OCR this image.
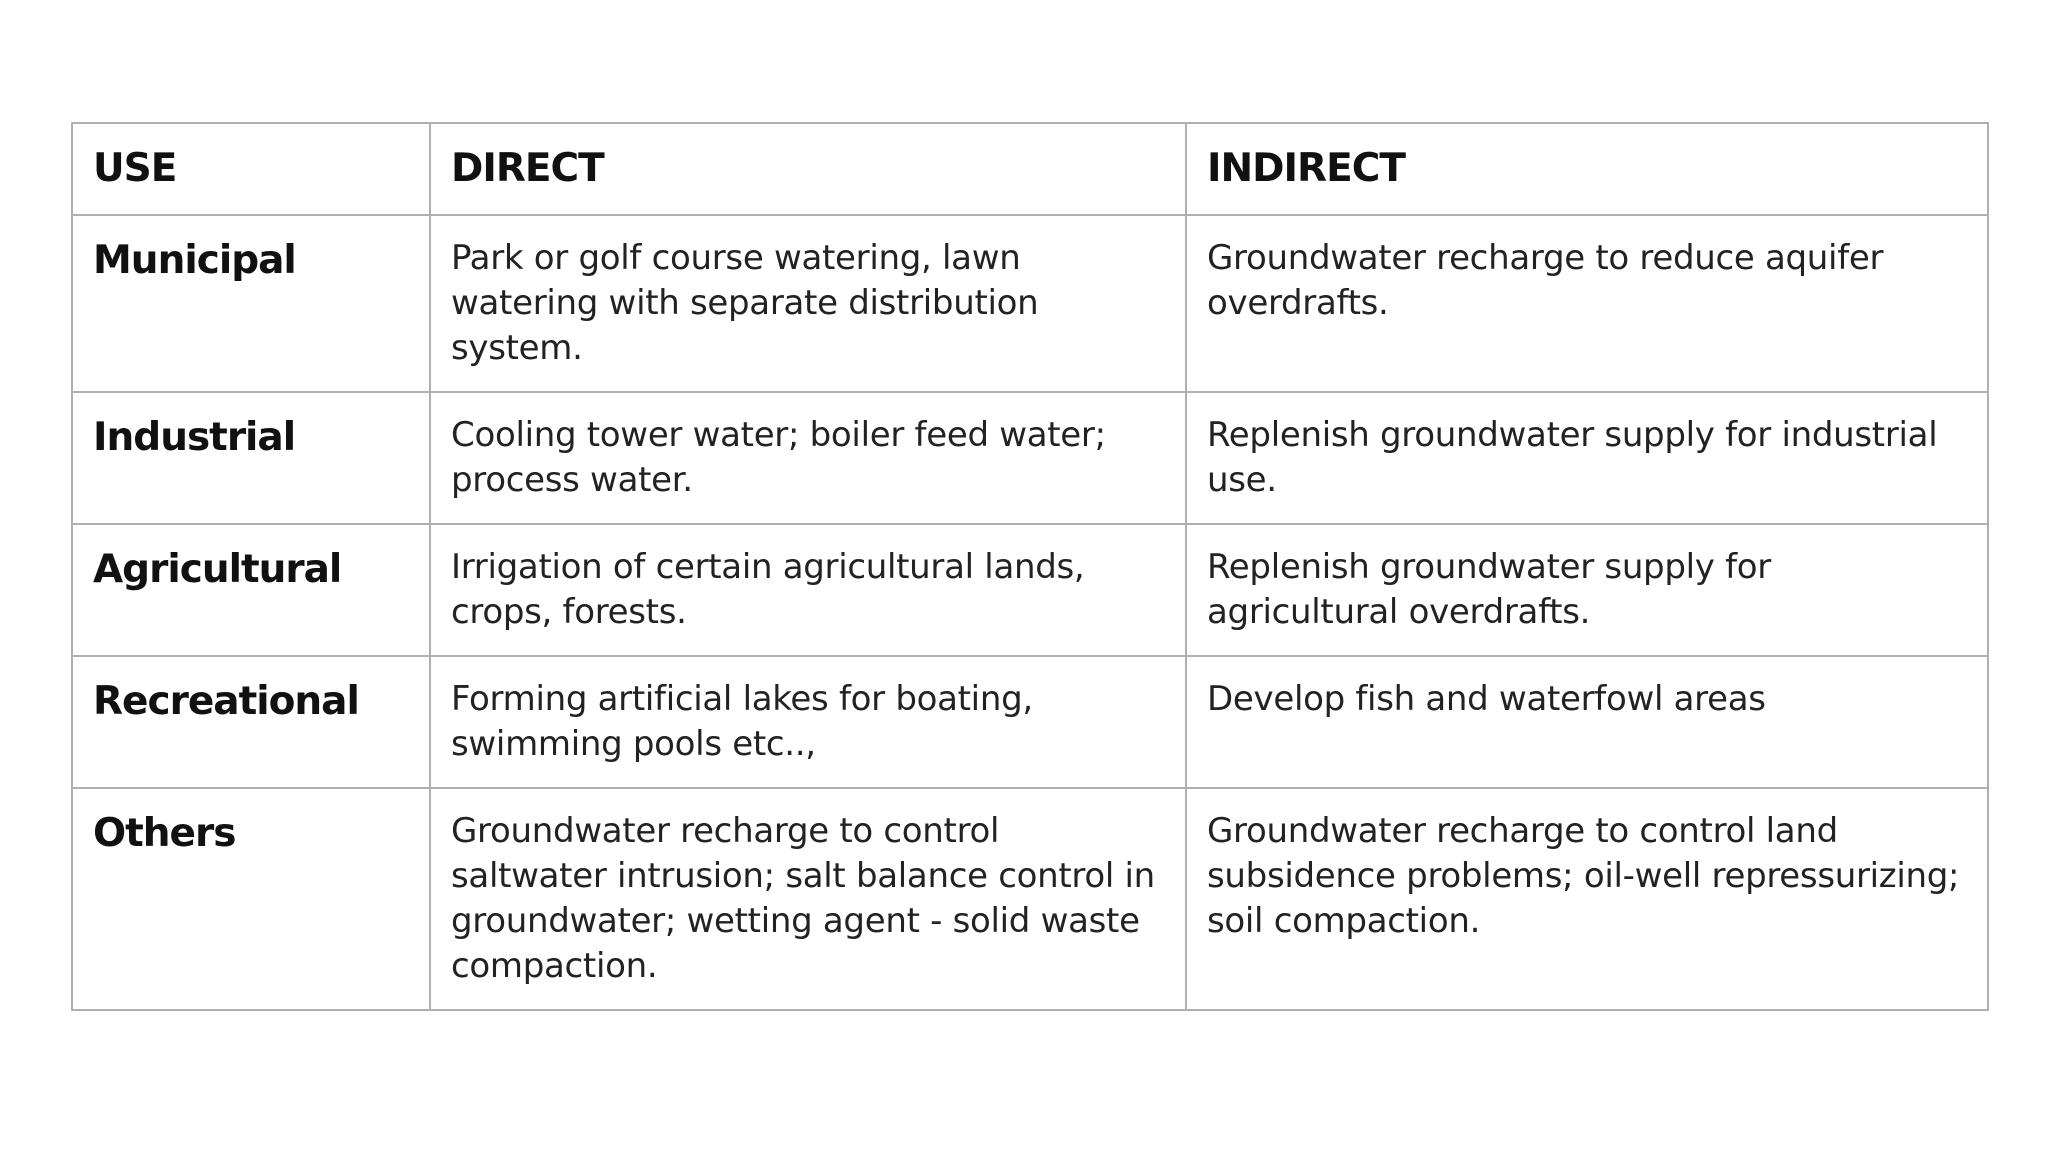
USE	DIRECT	INDIRECT
Municipal	Park or golf course watering, lawn watering with separate distribution system.	Groundwater recharge to reduce aquifer overdrafts.
Industrial	Cooling tower water; boiler feed water; process water.	Replenish groundwater supply for industrial use.
Agricultural	Irrigation of certain agricultural lands, crops, forests.	Replenish groundwater supply for agricultural overdrafts.
Recreational	Forming artificial lakes for boating, swimming pools etc..,	Develop fish and waterfowl areas
Others	Groundwater recharge to control saltwater intrusion; salt balance control in groundwater; wetting agent - solid waste compaction.	Groundwater recharge to control land subsidence problems; oil-well repressurizing; soil compaction.
